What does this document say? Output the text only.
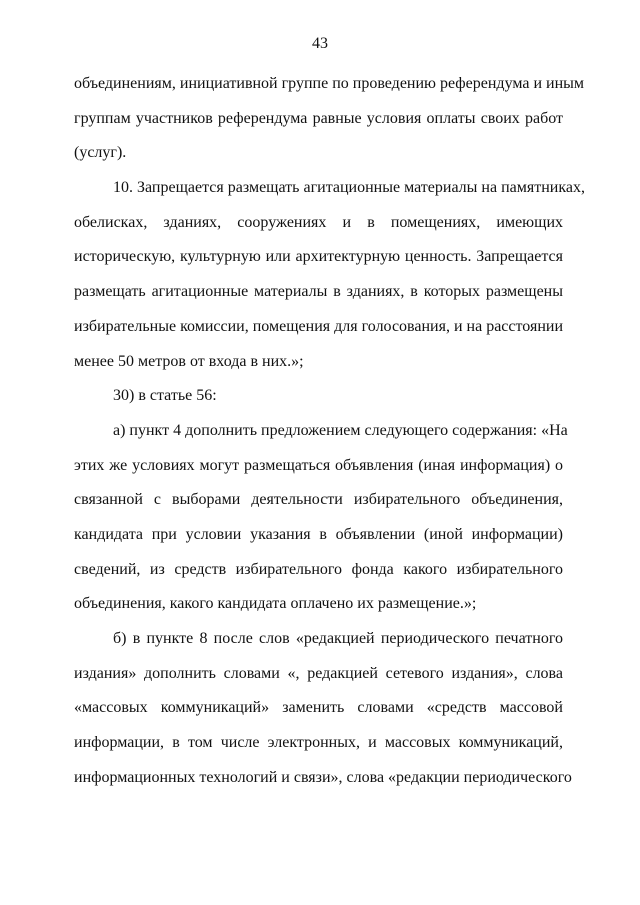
43
объединениям, инициативной группе по проведению референдума и иным
группам участников референдума равные условия оплаты своих работ
(услуг).
10. Запрещается размещать агитационные материалы на памятниках,
обелисках, зданиях, сооружениях и в помещениях, имеющих
историческую, культурную или архитектурную ценность. Запрещается
размещать агитационные материалы в зданиях, в которых размещены
избирательные комиссии, помещения для голосования, и на расстоянии
менее 50 метров от входа в них.»;
30) в статье 56:
а) пункт 4 дополнить предложением следующего содержания: «На
этих же условиях могут размещаться объявления (иная информация) о
связанной с выборами деятельности избирательного объединения,
кандидата при условии указания в объявлении (иной информации)
сведений, из средств избирательного фонда какого избирательного
объединения, какого кандидата оплачено их размещение.»;
б) в пункте 8 после слов «редакцией периодического печатного
издания» дополнить словами «, редакцией сетевого издания», слова
«массовых коммуникаций» заменить словами «средств массовой
информации, в том числе электронных, и массовых коммуникаций,
информационных технологий и связи», слова «редакции периодического
